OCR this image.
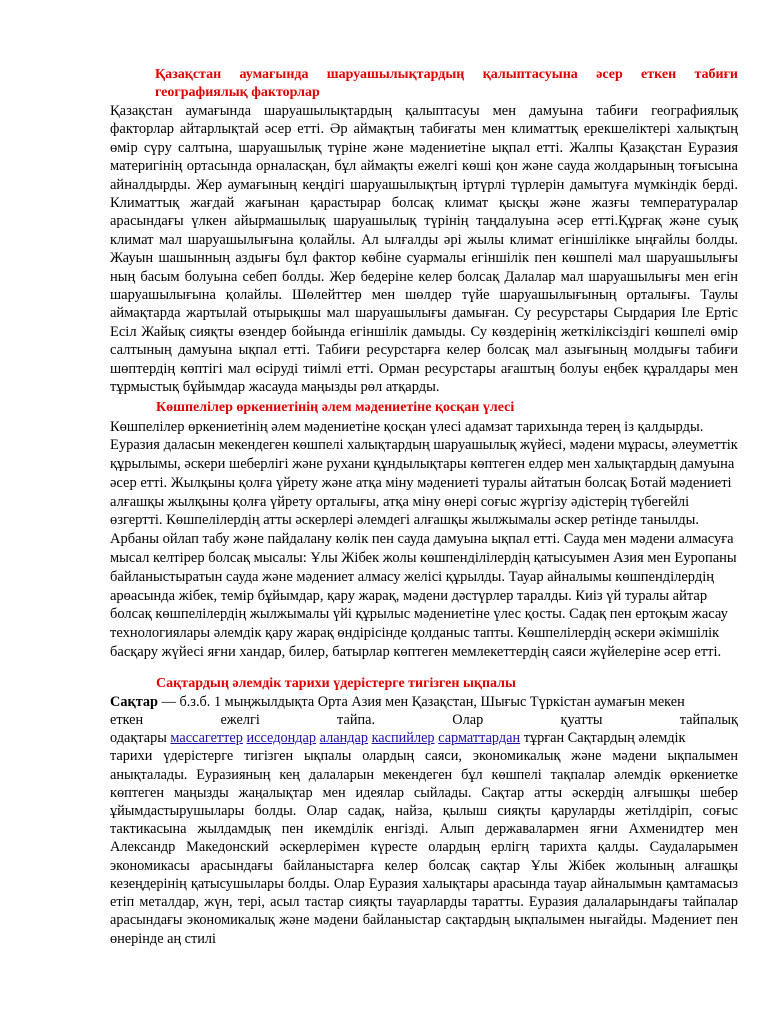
Қазақстан аумағында шаруашылықтардың қалыптасуына әсер еткен табиғи географиялық факторлар

Қазақстан аумағында шаруашылықтардың қалыптасуы мен дамуына табиғи географиялық факторлар айтарлықтай әсер етті. Әр аймақтың табиғаты мен климаттық ерекшеліктері халықтың өмір сүру салтына, шаруашылық түріне және мәдениетіне ықпал етті. Жалпы Қазақстан Еуразия материгінің ортасында орналасқан, бұл аймақты ежелгі көші қон және сауда жолдарының тоғысына айналдырды. Жер аумағының кеңдігі шаруашылықтың іртүрлі түрлерін дамытуға мүмкіндік берді. Климаттық жағдай жағынан қарастырар болсақ климат қысқы және жазғы температуралар арасындағы үлкен айырмашылық шаруашылық түрінің таңдалуына әсер етті.Құрғақ және суық климат мал шаруашылығына қолайлы. Ал ылғалды әрі жылы климат егіншілікке ыңғайлы болды. Жауын шашынның аздығы бұл фактор көбіне суармалы егіншілік пен көшпелі мал шаруашылығы ның басым болуына себеп болды. Жер бедеріне келер болсақ Далалар мал шаруашылығы мен егін шаруашылығына қолайлы. Шөлейттер мен шөлдер түйе шаруашылығының орталығы. Таулы аймақтарда жартылай отырықшы мал шаруашылығы дамыған. Су ресурстары Сырдария Іле Ертіс Есіл Жайық сияқты өзендер бойында егіншілік дамыды. Су көздерінің жеткіліксіздігі көшпелі өмір салтының дамуына ықпал етті. Табиғи ресурстарға келер болсақ мал азығының молдығы табиғи шөптердің көптігі мал өсіруді тиімлі етті. Орман ресурстары ағаштың болуы еңбек құралдары мен тұрмыстық бұйымдар жасауда маңызды рөл атқарды.

Көшпелілер өркениетінің әлем мәдениетіне қосқан үлесі

Көшпелілер өркениетінің әлем мәдениетіне қосқан үлесі адамзат тарихында терең із қалдырды. Еуразия даласын мекендеген көшпелі халықтардың шаруашылық жүйесі, мәдени мұрасы, әлеуметтік құрылымы, әскери шеберлігі және рухани құндылықтары көптеген елдер мен халықтардың дамуына әсер етті. Жылқыны қолға үйрету және атқа міну мәдениеті туралы айтатын болсақ Ботай мәдениеті алғашқы жылқыны қолға үйрету орталығы, атқа міну өнері соғыс жүргізу әдістерің түбегейлі өзгертті. Көшпелілердің атты әскерлері әлемдегі алғашқы жылжымалы әскер ретінде танылды. Арбаны ойлап табу және пайдалану көлік пен сауда дамуына ықпал етті. Сауда мен мәдени алмасуға мысал келтірер болсақ мысалы: Ұлы Жібек жолы көшпенділілердің қатысуымен Азия мен Еуропаны байланыстыратын сауда және мәдениет алмасу желісі құрылды. Тауар айналымы көшпенділердің арөасында жібек, темір бұйымдар, қару жарақ, мәдени дәстүрлер таралды. Киіз үй туралы айтар болсақ көшпелілердің жылжымалы үйі құрылыс мәдениетіне үлес қосты. Садақ пен ертоқым жасау технологиялары әлемдік қару жарақ өндірісінде қолданыс тапты. Көшпелілердің әскери әкімшілік басқару жүйесі яғни хандар, билер, батырлар көптеген мемлекеттердің саяси жүйелеріне әсер етті.

Сақтардың әлемдік тарихи үдерістерге тигізген ықпалы
Сақтар — б.з.б. 1 мыңжылдықта Орта Азия мен Қазақстан, Шығыс Түркістан аумағын мекен
еткен	ежелгі	тайпа.	Олар	қуатты	тайпалық
одақтары массагеттер исседондар аландар каспийлер сарматтардан тұрған Сақтардың әлемдік

тарихи үдерістерге тигізген ықпалы олардың саяси, экономикалық және мәдени ықпалымен анықталады. Еуразияның кең далаларын мекендеген бұл көшпелі тақпалар әлемдік өркениетке көптеген маңызды жаңалықтар мен идеялар сыйлады. Сақтар атты әскердің алғышқы шебер ұйымдастырушылары болды. Олар садақ, найза, қылыш сияқты қаруларды жетілдіріп, соғыс тактикасына жылдамдық пен икемділік енгізді. Алып державалармен яғни Ахменидтер мен Александр Македонский әскерлерімен күресте олардың ерлігң тарихта қалды. Саудаларымен экономикасы арасындағы байланыстарға келер болсақ сақтар Ұлы Жібек жолының алғашқы кезеңдерінің қатысушылары болды. Олар Еуразия халықтары арасында тауар айналымын қамтамасыз етіп металдар, жүн, тері, асыл тастар сияқты тауарларды таратты. Еуразия далаларындағы тайпалар арасындағы экономикалық және мәдени байланыстар сақтардың ықпалымен нығайды. Мәдениет пен өнерінде аң стилі
